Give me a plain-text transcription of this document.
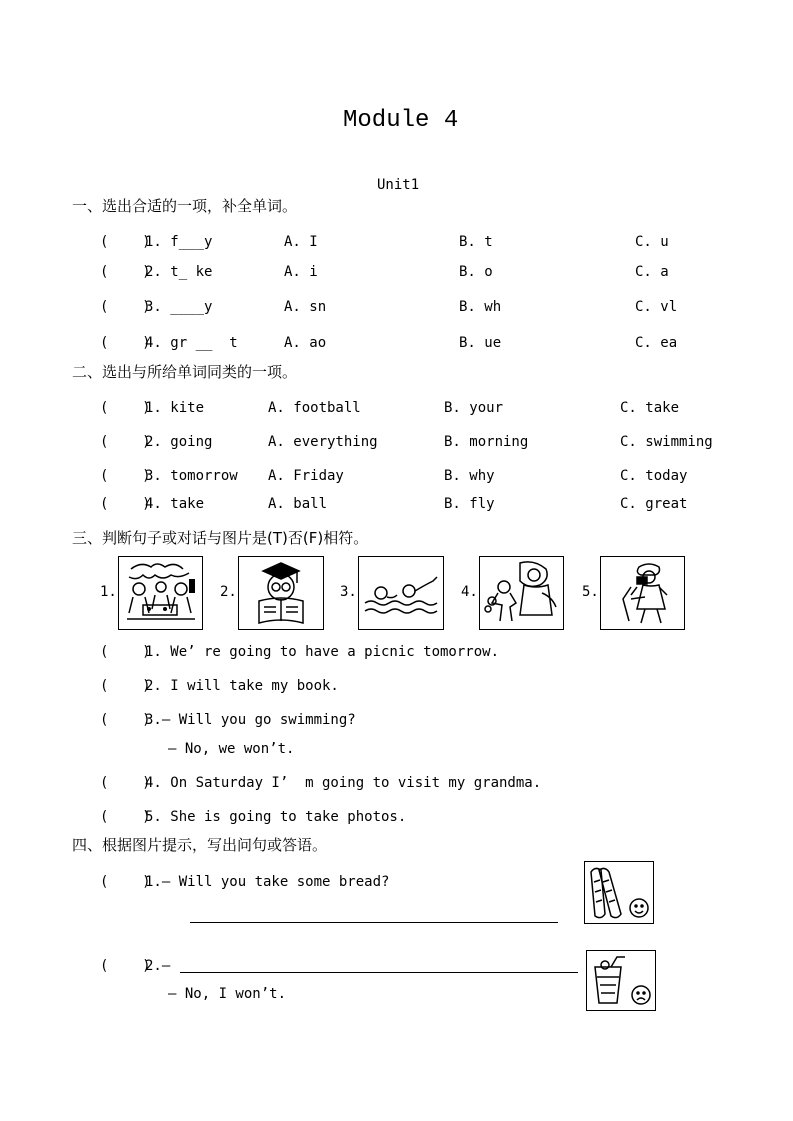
Module 4
Unit1
一、选出合适的一项，补全单词。
(    )
1. f___y	A. I	B. t	C. u
(    )
2. t_ ke	A. i	B. o	C. a
(    )
3. ____y	A. sn	B. wh	C. vl
(    )
4. gr __  t	A. ao	B. ue	C. ea
二、选出与所给单词同类的一项。
(    )
1. kite	A. football	B. your	C. take
(    )
2. going	A. everything	B. morning	C. swimming
(    )
3. tomorrow A. Friday	B. why	C. today
(    )
4. take	A. ball	B. fly	C. great
三、判断句子或对话与图片是(T)否(F)相符。
1.	2.	3.	4.	5.
(    )
1. We’ re going to have a picnic tomorrow.
(    )
2. I will take my book.
(    )
3.— Will you go swimming?
— No, we won’t.
(    )
4. On Saturday I’  m going to visit my grandma.
(    )
5. She is going to take photos.
四、根据图片提示，写出问句或答语。
(    )
1.— Will you take some bread?
(    )
2.—
— No, I won’t.
